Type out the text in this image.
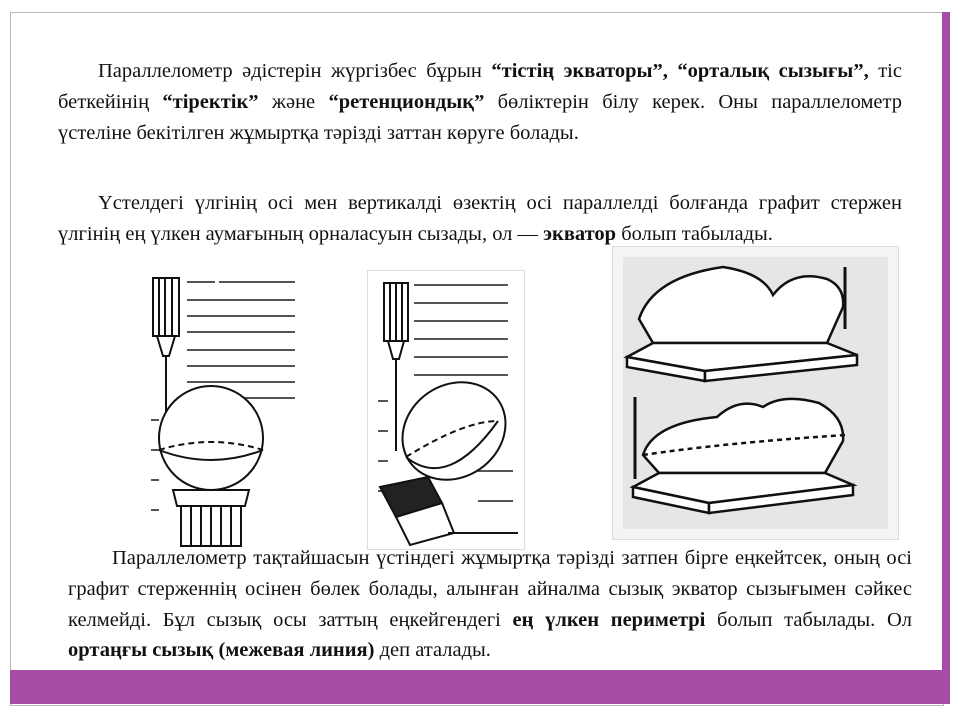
Параллелометр әдістерін жүргізбес бұрын “тістің экваторы”, “орталық сызығы”, тіс беткейінің “тіректік” және “ретенциондық” бөліктерін білу керек. Оны параллелометр үстеліне бекітілген жұмыртқа тәрізді заттан көруге болады.

Үстелдегі үлгінің осі мен вертикалді өзектің осі параллелді болғанда графит стержен үлгінің ең үлкен аумағының орналасуын сызады, ол — экватор болып табылады.

Параллелометр тақтайшасын үстіндегі жұмыртқа тәрізді затпен бірге еңкейтсек, оның осі графит стерженнің осінен бөлек болады, алынған айналма сызық экватор сызығымен сәйкес келмейді. Бұл сызық осы заттың еңкейгендегі ең үлкен периметрі болып табылады. Ол ортаңғы сызық (межевая линия) деп аталады.
